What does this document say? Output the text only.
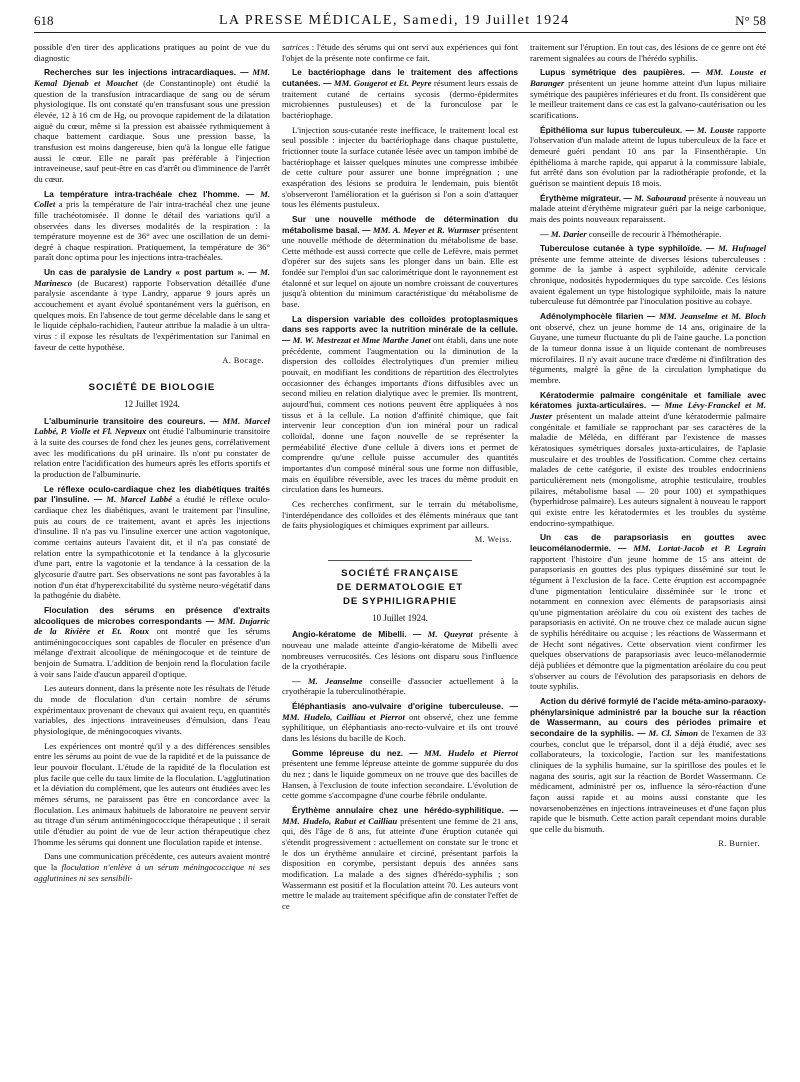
618	LA PRESSE MÉDICALE, Samedi, 19 Juillet 1924	N° 58

possible d'en tirer des applications pratiques au point de vue du diagnostic

Recherches sur les injections intracardiaques. — MM. Kemal Djenab et Mouchet (de Constantinople) ont étudié la question de la transfusion intracardiaque de sang ou de sérum physiologique. Ils ont constaté qu'en transfusant sous une pression élevée, 12 à 16 cm de Hg, ou provoque rapidement de la dilatation aiguë du cœur, même si la pression est abaissée rythmiquement à chaque battement cardiaque. Sous une pression basse, la transfusion est moins dangereuse, bien qu'à la longue elle fatigue aussi le cœur. Elle ne paraît pas préférable à l'injection intraveineuse, sauf peut-être en cas d'arrêt ou d'imminence de l'arrêt du cœur.

La température intra-trachéale chez l'homme. — M. Collet a pris la température de l'air intra-trachéal chez une jeune fille trachéotomisée. Il donne le détail des variations qu'il a observées dans les diverses modalités de la respiration : la température moyenne est de 36° avec une oscillation de un demi-degré à chaque respiration. Pratiquement, la température de 36° paraît donc optima pour les injections intra-trachéales.

Un cas de paralysie de Landry « post partum ». — M. Marinesco (de Bucarest) rapporte l'observation détaillée d'une paralysie ascendante à type Landry, apparue 9 jours après un accouchement et ayant évolué spontanément vers la guérison, en quelques mois. En l'absence de tout germe décelable dans le sang et le liquide céphalo-rachidien, l'auteur attribue la maladie à un ultra-virus : il expose les résultats de l'expérimentation sur l'animal en faveur de cette hypothèse.

A. Bocage.
SOCIÉTÉ DE BIOLOGIE
12 Juillet 1924.

L'albuminurie transitoire des coureurs. — MM. Marcel Labbé, P. Violle et Fl. Nepveux ont étudié l'albuminurie transitoire à la suite des courses de fond chez les jeunes gens, corrélativement avec les modifications du pH urinaire. Ils n'ont pu constater de relation entre l'acidification des humeurs après les efforts sportifs et la production de l'albuminurie.

Le réflexe oculo-cardiaque chez les diabétiques traités par l'insuline. — M. Marcel Labbé a étudié le réflexe oculo-cardiaque chez les diabétiques, avant le traitement par l'insuline, puis au cours de ce traitement, avant et après les injections d'insuline. Il n'a pas vu l'insuline exercer une action vagotonique, comme certains auteurs l'avaient dit, et il n'a pas constaté de relation entre la sympathicotonie et la tendance à la glycosurie d'une part, entre la vagotonie et la tendance à la cessation de la glycosurie d'autre part. Ses observations ne sont pas favorables à la notion d'un état d'hyperexcitabilité du système neuro-végétatif dans la pathogénie du diabète.

Floculation des sérums en présence d'extraits alcooliques de microbes correspondants — MM. Dujarric de la Rivière et Et. Roux ont montré que les sérums antiméningococciques sont capables de floculer en présence d'un mélange d'extrait alcoolique de méningocoque et de teinture de benjoin de Sumatra. L'addition de benjoin rend la floculation facile à voir sans l'aide d'aucun appareil d'optique.

Les auteurs donnent, dans la présente note les résultats de l'étude du mode de floculation d'un certain nombre de sérums expérimentaux provenant de chevaux qui avaient reçu, en quantités variables, des injections intraveineuses d'émulsion, dans l'eau physiologique, de méningocoques vivants.

Les expériences ont montré qu'il y a des différences sensibles entre les sérums au point de vue de la rapidité et de la puissance de leur pouvoir floculant. L'étude de la rapidité de la floculation est plus facile que celle du taux limite de la floculation. L'agglutination et la déviation du complément, que les auteurs ont étudiées avec les mêmes sérums, ne paraissent pas être en concordance avec la floculation. Les animaux habituels de laboratoire ne peuvent servir au titrage d'un sérum antiméningococcique thérapeutique ; il serait utile d'étudier au point de vue de leur action thérapeutique chez l'homme les sérums qui donnent une floculation rapide et intense.

Dans une communication précédente, ces auteurs avaient montré que la floculation n'enlève à un sérum méningococcique ni ses agglutinines ni ses sensibili-

satrices : l'étude des sérums qui ont servi aux expériences qui font l'objet de la présente note confirme ce fait.

Le bactériophage dans le traitement des affections cutanées. — MM. Gougerot et Et. Peyre résument leurs essais de traitement cutané de certains sycosis (dermo-épidermites microbiennes pustuleuses) et de la furonculose par le bactériophage.

L'injection sous-cutanée reste inefficace, le traitement local est seul possible : injecter du bactériophage dans chaque pustulette, frictionner toute la surface cutanée lésée avec un tampon imbibé de bactériophage et laisser quelques minutes une compresse imbibée de cette culture pour assurer une bonne imprégnation ; une exaspération des lésions se produira le lendemain, puis bientôt s'observeront l'amélioration et la guérison si l'on a soin d'attaquer tous les éléments pustuleux.

Sur une nouvelle méthode de détermination du métabolisme basal. — MM. A. Meyer et R. Wurmser présentent une nouvelle méthode de détermination du métabolisme de base. Cette méthode est aussi correcte que celle de Lefèvre, mais permet d'opérer sur des sujets sans les plonger dans un bain. Elle est fondée sur l'emploi d'un sac calorimétrique dont le rayonnement est étalonné et sur lequel on ajoute un nombre croissant de couvertures jusqu'à obtention du minimum caractéristique du métabolisme de base.

La dispersion variable des colloïdes protoplasmiques dans ses rapports avec la nutrition minérale de la cellule. — M. W. Mestrezat et Mme Marthe Janet ont établi, dans une note précédente, comment l'augmentation ou la diminution de la dispersion des colloïdes électrolytiques d'un premier milieu pouvait, en modifiant les conditions de répartition des électrolytes occasionner des échanges importants d'ions diffusibles avec un second milieu en relation dialytique avec le premier. Ils montrent, aujourd'hui, comment ces notions peuvent être appliquées à nos tissus et à la cellule. La notion d'affinité chimique, que fait intervenir leur conception d'un ion minéral pour un radical colloïdal, donne une façon nouvelle de se représenter la perméabilité élective d'une cellule à divers ions et permet de comprendre qu'une cellule puisse accumuler des quantités importantes d'un composé minéral sous une forme non diffusible, mais en équilibre réversible, avec les traces du même produit en circulation dans les humeurs.

Ces recherches confirment, sur le terrain du métabolisme, l'interdépendance des colloïdes et des éléments minéraux que tant de faits physiologiques et chimiques expriment par ailleurs.

M. Weiss.
SOCIÉTÉ FRANÇAISE
DE DERMATOLOGIE ET DE SYPHILIGRAPHIE
10 Juillet 1924.

Angio-kératome de Mibelli. — M. Queyrat présente à nouveau une malade atteinte d'angio-kératome de Mibelli avec nombreuses verrucosités. Ces lésions ont disparu sous l'influence de la cryothérapie.

— M. Jeanselme conseille d'associer actuellement à la cryothérapie la tuberculinothérapie.

Éléphantiasis ano-vulvaire d'origine tuberculeuse. — MM. Hudelo, Cailliau et Pierrot ont observé, chez une femme syphilitique, un éléphantiasis ano-recto-vulvaire et ils ont trouvé dans les lésions du bacille de Koch.

Gomme lépreuse du nez. — MM. Hudelo et Pierrot présentent une femme lépreuse atteinte de gomme suppurée du dos du nez ; dans le liquide gommeux on ne trouve que des bacilles de Hansen, à l'exclusion de toute infection secondaire. L'évolution de cette gomme s'accompagne d'une courbe fébrile ondulante.

Érythème annulaire chez une hérédo-syphilitique. — MM. Hudelo, Rabut et Cailliau présentent une femme de 21 ans, qui, dès l'âge de 8 ans, fut atteinte d'une éruption cutanée qui s'étendit progressivement : actuellement on constate sur le tronc et le dos un érythème annulaire et circiné, présentant parfois la disposition en corymbe, persistant depuis des années sans modification. La malade a des signes d'hérédo-syphilis ; son Wassermann est positif et la floculation atteint 70. Les auteurs vont mettre le malade au traitement spécifique afin de constater l'effet de ce

traitement sur l'éruption. En tout cas, des lésions de ce genre ont été rarement signalées au cours de l'hérédo syphilis.

Lupus symétrique des paupières. — MM. Louste et Baranger présentent un jeune homme atteint d'un lupus miliaire symétrique des paupières inférieures et du front. Ils considèrent que le meilleur traitement dans ce cas est la galvano-cautérisation ou les scarifications.

Épithélioma sur lupus tuberculeux. — M. Louste rapporte l'observation d'un malade atteint de lupus tuberculeux de la face et demeuré guéri pendant 10 ans par la Finsenthérapie. Un épithélioma à marche rapide, qui apparut à la commissure labiale, fut arrêté dans son évolution par la radiothérapie profonde, et la guérison se maintient depuis 18 mois.

Érythème migrateur. — M. Sabouraud présente à nouveau un malade atteint d'érythème migrateur guéri par la neige carbonique, mais des points nouveaux reparaissent.

— M. Darier conseille de recourir à l'hémothérapie.

Tuberculose cutanée à type syphiloïde. — M. Hufnagel présente une femme atteinte de diverses lésions tuberculeuses : gomme de la jambe à aspect syphiloïde, adénite cervicale chronique, nodosités hypodermiques du type sarcoïde. Ces lésions avaient également un type histologique syphiloïde, mais la nature tuberculeuse fut démontrée par l'inoculation positive au cobaye.

Adénolymphocèle filarien — MM. Jeanselme et M. Bloch ont observé, chez un jeune homme de 14 ans, originaire de la Guyane, une tumeur fluctuante du pli de l'aine gauche. La ponction de la tumeur donna issue à un liquide contenant de nombreuses microfilaires. Il n'y avait aucune trace d'œdème ni d'infiltration des téguments, malgré la gêne de la circulation lymphatique du membre.

Kératodermie palmaire congénitale et familiale avec kératomes juxta-articulaires. — Mme Lévy-Franckel et M. Juster présentent un malade atteint d'une kératodermie palmaire congénitale et familiale se rapprochant par ses caractères de la maladie de Méléda, en différant par l'existence de masses kératosiques symétriques dorsales juxta-articulaires, de l'aplasie musculaire et des troubles de l'ossification. Comme chez certains malades de cette catégorie, il existe des troubles endocriniens particulièrement nets (mongolisme, atrophie testiculaire, troubles pilaires, métabolisme basal — 20 pour 100) et sympathiques (hyperhidrose palmaire). Les auteurs signalent à nouveau le rapport qui existe entre les kératodermies et les troubles du système endocrino-sympathique.

Un cas de parapsoriasis en gouttes avec leucomélanodermie. — MM. Lortat-Jacob et P. Legrain rapportent l'histoire d'un jeune homme de 15 ans atteint de parapsoriasis en gouttes des plus typiques disséminé sur tout le tégument à l'exclusion de la face. Cette éruption est accompagnée d'une pigmentation lenticulaire disséminée sur le tronc et notamment en connexion avec éléments de parapsoriasis ainsi qu'une pigmentation aréolaire du cou où existent des taches de parapsoriasis en activité. On ne trouve chez ce malade aucun signe de syphilis héréditaire ou acquise ; les réactions de Wassermann et de Hecht sont négatives. Cette observation vient confirmer les quelques observations de parapsoriasis avec leuco-mélanodermie déjà publiées et démontre que la pigmentation aréolaire du cou peut s'observer au cours de l'évolution des parapsoriasis en dehors de toute syphilis.

Action du dérivé formylé de l'acide méta-amino-paraoxy-phénylarsinique administré par la bouche sur la réaction de Wassermann, au cours des périodes primaire et secondaire de la syphilis. — M. Cl. Simon de l'examen de 33 courbes, conclut que le tréparsol, dont il a déjà étudié, avec ses collaborateurs, la toxicologie, l'action sur les manifestations cliniques de la syphilis humaine, sur la spirillose des poules et le nagana des souris, agit sur la réaction de Bordet Wassermann. Ce médicament, administré per os, influence la séro-réaction d'une façon aussi rapide et au moins aussi constante que les novarsenobenzènes en injections intraveineuses et d'une façon plus rapide que le bismuth. Cette action paraît cependant moins durable que celle du bismuth.

R. Burnier.
